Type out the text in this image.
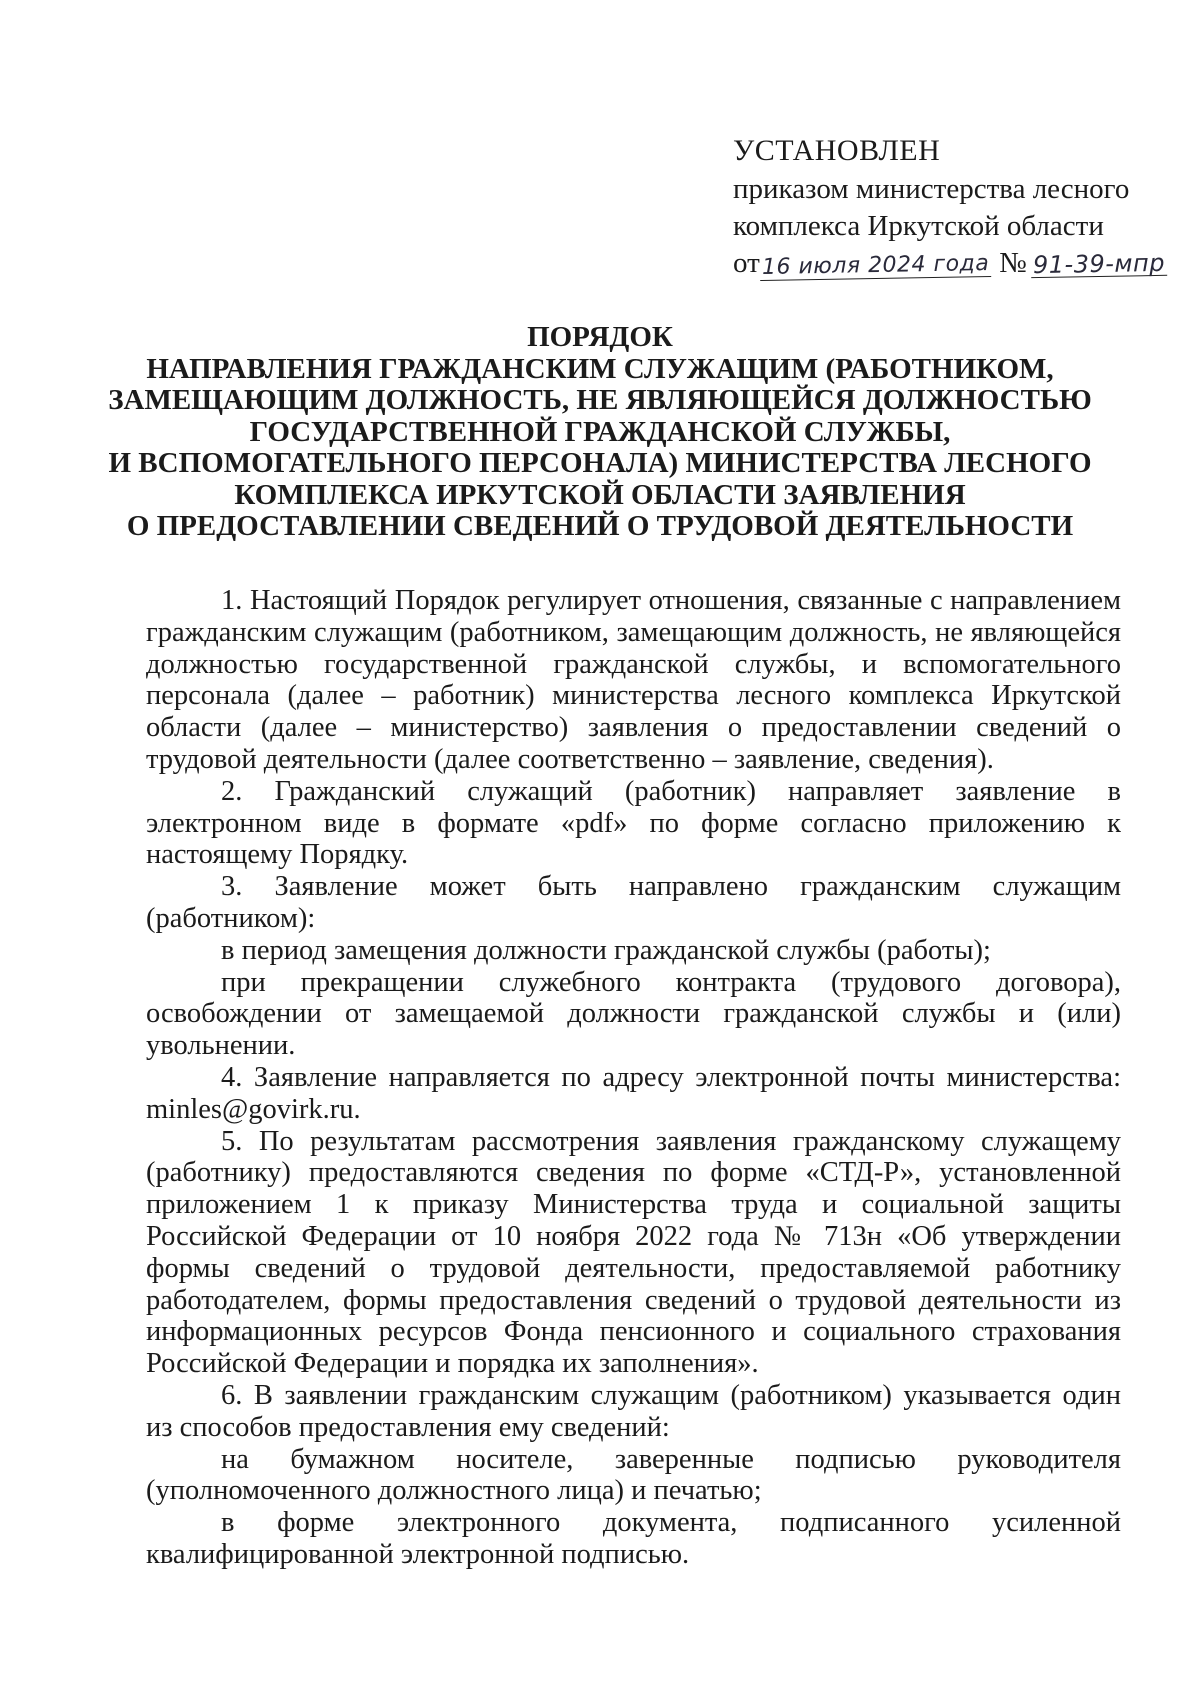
УСТАНОВЛЕН
приказом министерства лесного
комплекса Иркутской области
от16 июля 2024 года № 91-39-мпр
ПОРЯДОК
НАПРАВЛЕНИЯ ГРАЖДАНСКИМ СЛУЖАЩИМ (РАБОТНИКОМ,
ЗАМЕЩАЮЩИМ ДОЛЖНОСТЬ, НЕ ЯВЛЯЮЩЕЙСЯ ДОЛЖНОСТЬЮ
ГОСУДАРСТВЕННОЙ ГРАЖДАНСКОЙ СЛУЖБЫ,
И ВСПОМОГАТЕЛЬНОГО ПЕРСОНАЛА) МИНИСТЕРСТВА ЛЕСНОГО
КОМПЛЕКСА ИРКУТСКОЙ ОБЛАСТИ ЗАЯВЛЕНИЯ
О ПРЕДОСТАВЛЕНИИ СВЕДЕНИЙ О ТРУДОВОЙ ДЕЯТЕЛЬНОСТИ

1. Настоящий Порядок регулирует отношения, связанные с направлением гражданским служащим (работником, замещающим должность, не являющейся должностью государственной гражданской службы, и вспомогательного персонала (далее – работник) министерства лесного комплекса Иркутской области (далее – министерство) заявления о предоставлении сведений о трудовой деятельности (далее соответственно – заявление, сведения).

2. Гражданский служащий (работник) направляет заявление в электронном виде в формате «pdf» по форме согласно приложению к настоящему Порядку.

3. Заявление может быть направлено гражданским служащим (работником):

в период замещения должности гражданской службы (работы);

при прекращении служебного контракта (трудового договора), освобождении от замещаемой должности гражданской службы и (или) увольнении.

4. Заявление направляется по адресу электронной почты министерства: minles@govirk.ru.

5. По результатам рассмотрения заявления гражданскому служащему (работнику) предоставляются сведения по форме «СТД-Р», установленной приложением 1 к приказу Министерства труда и социальной защиты Российской Федерации от 10 ноября 2022 года № 713н «Об утверждении формы сведений о трудовой деятельности, предоставляемой работнику работодателем, формы предоставления сведений о трудовой деятельности из информационных ресурсов Фонда пенсионного и социального страхования Российской Федерации и порядка их заполнения».

6. В заявлении гражданским служащим (работником) указывается один из способов предоставления ему сведений:

на бумажном носителе, заверенные подписью руководителя (уполномоченного должностного лица) и печатью;

в форме электронного документа, подписанного усиленной квалифицированной электронной подписью.
